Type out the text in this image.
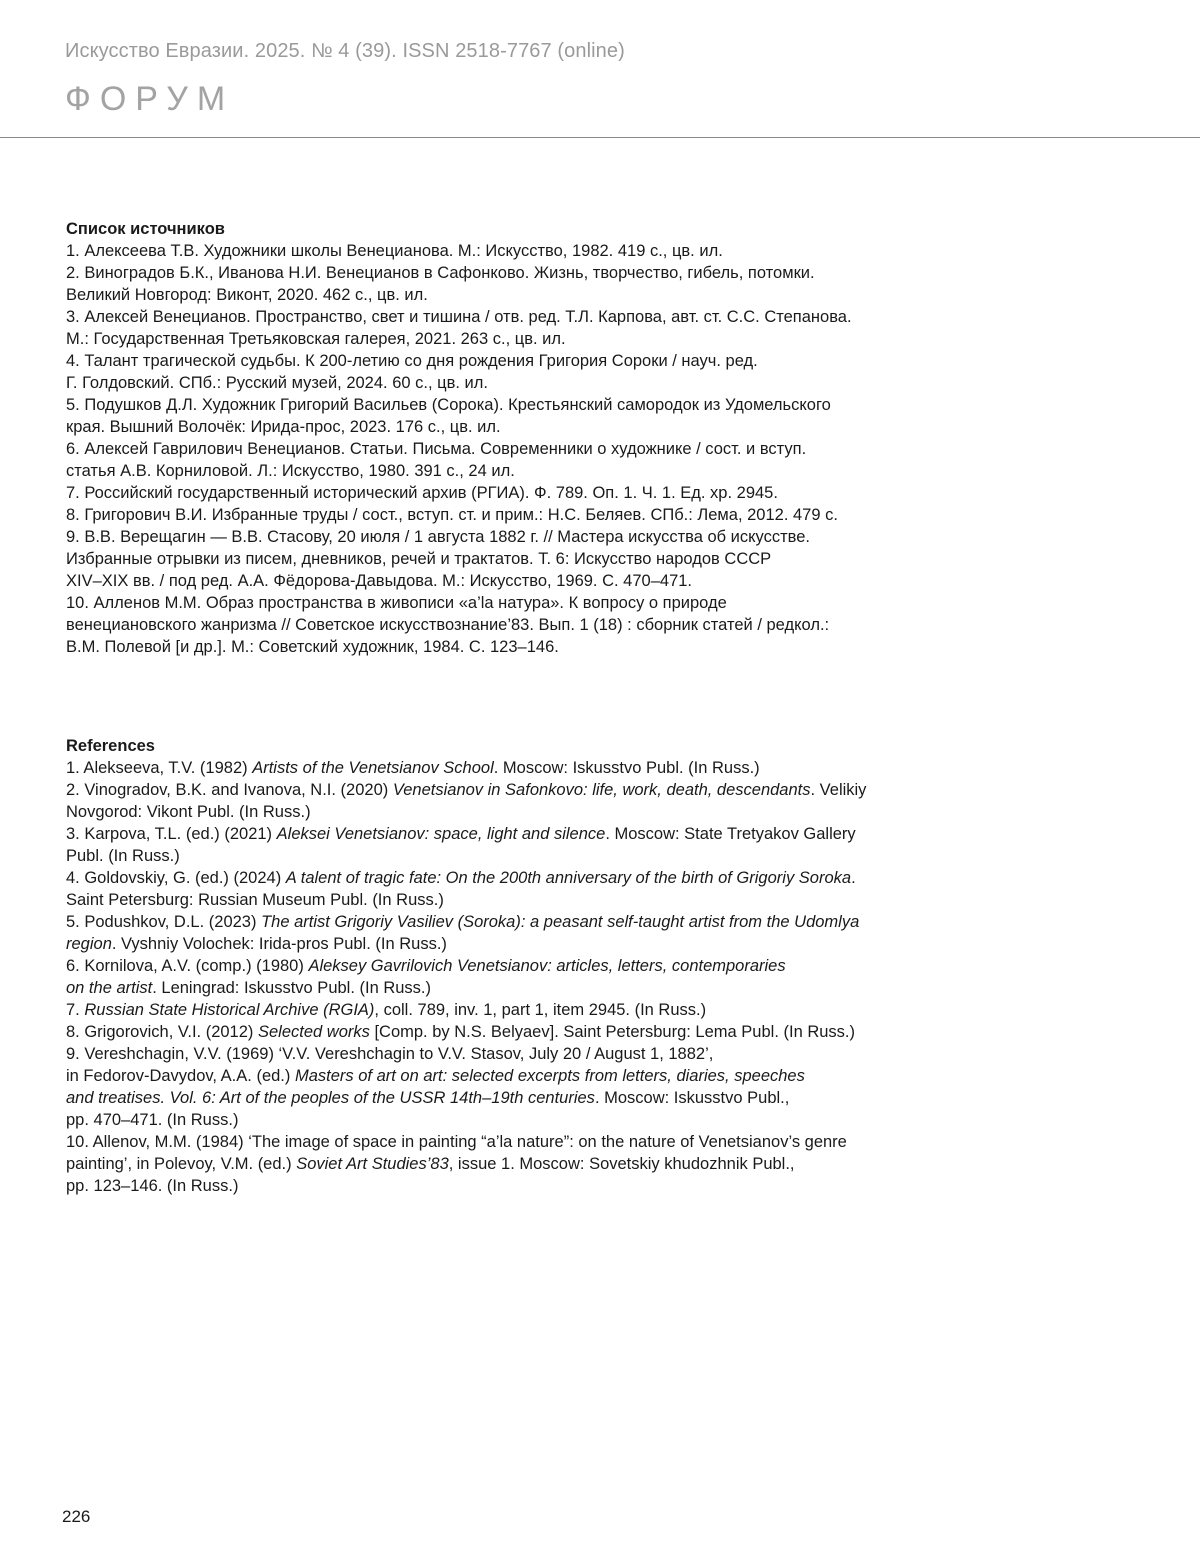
Искусство Евразии. 2025. № 4 (39). ISSN 2518-7767 (online)
ФОРУМ
Список источников
1. Алексеева Т.В. Художники школы Венецианова. М.: Искусство, 1982. 419 с., цв. ил.
2. Виноградов Б.К., Иванова Н.И. Венецианов в Сафонково. Жизнь, творчество, гибель, потомки.
Великий Новгород: Виконт, 2020. 462 с., цв. ил.
3. Алексей Венецианов. Пространство, свет и тишина / отв. ред. Т.Л. Карпова, авт. ст. С.С. Степанова.
М.: Государственная Третьяковская галерея, 2021. 263 с., цв. ил.
4. Талант трагической судьбы. К 200-летию со дня рождения Григория Сороки / науч. ред.
Г. Голдовский. СПб.: Русский музей, 2024. 60 с., цв. ил.
5. Подушков Д.Л. Художник Григорий Васильев (Сорока). Крестьянский самородок из Удомельского
края. Вышний Волочёк: Ирида-прос, 2023. 176 с., цв. ил.
6. Алексей Гаврилович Венецианов. Статьи. Письма. Современники о художнике / сост. и вступ.
статья А.В. Корниловой. Л.: Искусство, 1980. 391 с., 24 ил.
7. Российский государственный исторический архив (РГИА). Ф. 789. Оп. 1. Ч. 1. Ед. хр. 2945.
8. Григорович В.И. Избранные труды / сост., вступ. ст. и прим.: Н.С. Беляев. СПб.: Лема, 2012. 479 с.
9. В.В. Верещагин — В.В. Стасову, 20 июля / 1 августа 1882 г. // Мастера искусства об искусстве.
Избранные отрывки из писем, дневников, речей и трактатов. Т. 6: Искусство народов СССР
XIV–XIX вв. / под ред. А.А. Фёдорова-Давыдова. М.: Искусство, 1969. С. 470–471.
10. Алленов М.М. Образ пространства в живописи «a’la натура». К вопросу о природе
венециановского жанризма // Советское искусствознание’83. Вып. 1 (18) : сборник статей / редкол.:
В.М. Полевой [и др.]. М.: Советский художник, 1984. С. 123–146.
References
1. Alekseeva, T.V. (1982) Artists of the Venetsianov School. Moscow: Iskusstvo Publ. (In Russ.)
2. Vinogradov, B.K. and Ivanova, N.I. (2020) Venetsianov in Safonkovo: life, work, death, descendants. Velikiy
Novgorod: Vikont Publ. (In Russ.)
3. Karpova, T.L. (ed.) (2021) Aleksei Venetsianov: space, light and silence. Moscow: State Tretyakov Gallery
Publ. (In Russ.)
4. Goldovskiy, G. (ed.) (2024) A talent of tragic fate: On the 200th anniversary of the birth of Grigoriy Soroka.
Saint Petersburg: Russian Museum Publ. (In Russ.)
5. Podushkov, D.L. (2023) The artist Grigoriy Vasiliev (Soroka): a peasant self-taught artist from the Udomlya
region. Vyshniy Volochek: Irida-pros Publ. (In Russ.)
6. Kornilova, A.V. (comp.) (1980) Aleksey Gavrilovich Venetsianov: articles, letters, contemporaries
on the artist. Leningrad: Iskusstvo Publ. (In Russ.)
7. Russian State Historical Archive (RGIA), coll. 789, inv. 1, part 1, item 2945. (In Russ.)
8. Grigorovich, V.I. (2012) Selected works [Comp. by N.S. Belyaev]. Saint Petersburg: Lema Publ. (In Russ.)
9. Vereshchagin, V.V. (1969) ‘V.V. Vereshchagin to V.V. Stasov, July 20 / August 1, 1882’,
in Fedorov-Davydov, A.A. (ed.) Masters of art on art: selected excerpts from letters, diaries, speeches
and treatises. Vol. 6: Art of the peoples of the USSR 14th–19th centuries. Moscow: Iskusstvo Publ.,
pp. 470–471. (In Russ.)
10. Allenov, M.M. (1984) ‘The image of space in painting “a’la nature”: on the nature of Venetsianov’s genre
painting’, in Polevoy, V.M. (ed.) Soviet Art Studies’83, issue 1. Moscow: Sovetskiy khudozhnik Publ.,
pp. 123–146. (In Russ.)
226
